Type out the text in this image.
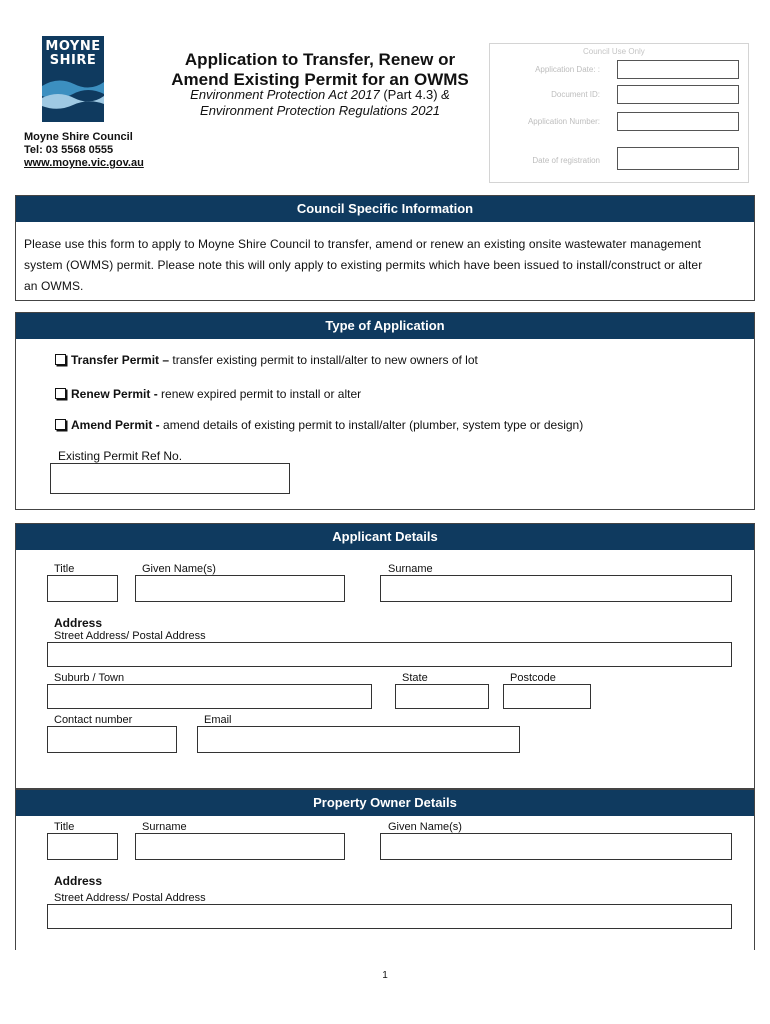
MOYNE
SHIRE
Moyne Shire Council
Tel: 03 5568 0555
www.moyne.vic.gov.au
Application to Transfer, Renew or
Amend Existing Permit for an OWMS
Environment Protection Act 2017 (Part 4.3) &
Environment Protection Regulations 2021
Council Use Only
Application Date: :
Document ID:
Application Number:
Date of registration
Council Specific Information
Please use this form to apply to Moyne Shire Council to transfer, amend or renew an existing onsite wastewater management
system (OWMS) permit. Please note this will only apply to existing permits which have been issued to install/construct or alter
an OWMS.
Type of Application
Transfer Permit – transfer existing permit to install/alter to new owners of lot
Renew Permit - renew expired permit to install or alter
Amend Permit - amend details of existing permit to install/alter (plumber, system type or design)
Existing Permit Ref No.
Applicant Details
Title	Given Name(s)	Surname
Address
Street Address/ Postal Address
Suburb / Town	State	Postcode
Contact number	Email
Property Owner Details
Title	Surname	Given Name(s)
Address
Street Address/ Postal Address
1
